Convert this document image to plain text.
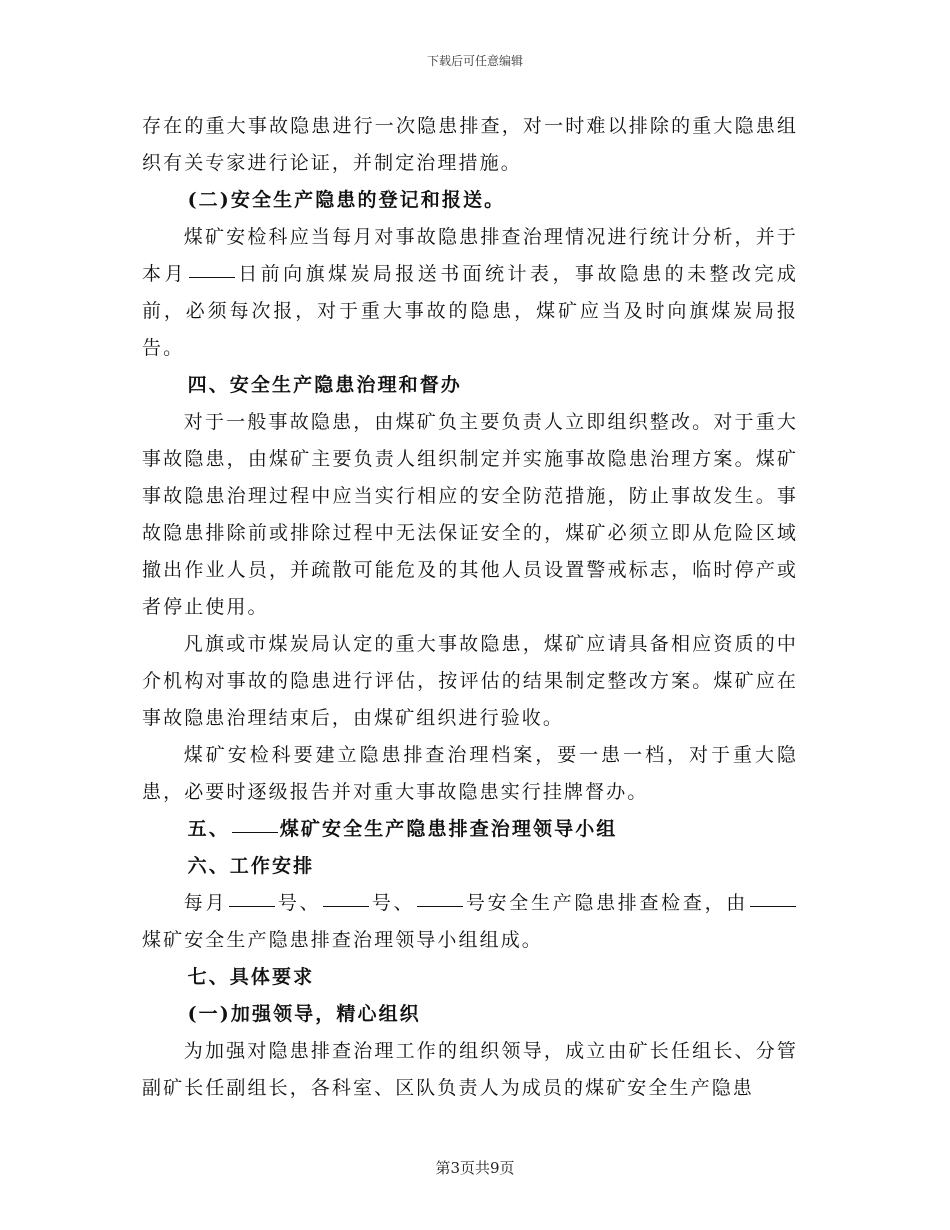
下载后可任意编辑

存在的重大事故隐患进行一次隐患排查，对一时难以排除的重大隐患组织有关专家进行论证，并制定治理措施。

(二)安全生产隐患的登记和报送。

煤矿安检科应当每月对事故隐患排查治理情况进行统计分析，并于本月	日前向旗煤炭局报送书面统计表，事故隐患的未整改完成前，必须每次报，对于重大事故的隐患，煤矿应当及时向旗煤炭局报告。

四、安全生产隐患治理和督办

对于一般事故隐患，由煤矿负主要负责人立即组织整改。对于重大事故隐患，由煤矿主要负责人组织制定并实施事故隐患治理方案。煤矿事故隐患治理过程中应当实行相应的安全防范措施，防止事故发生。事故隐患排除前或排除过程中无法保证安全的，煤矿必须立即从危险区域撤出作业人员，并疏散可能危及的其他人员设置警戒标志，临时停产或者停止使用。

凡旗或市煤炭局认定的重大事故隐患，煤矿应请具备相应资质的中介机构对事故的隐患进行评估，按评估的结果制定整改方案。煤矿应在事故隐患治理结束后，由煤矿组织进行验收。

煤矿安检科要建立隐患排查治理档案，要一患一档，对于重大隐患，必要时逐级报告并对重大事故隐患实行挂牌督办。

五、	煤矿安全生产隐患排查治理领导小组

六、工作安排

每月	号、	号、	号安全生产隐患排查检查，由煤矿安全生产隐患排查治理领导小组组成。

七、具体要求

(一)加强领导，精心组织

为加强对隐患排查治理工作的组织领导，成立由矿长任组长、分管副矿长任副组长，各科室、区队负责人为成员的煤矿安全生产隐患

第3页共9页
